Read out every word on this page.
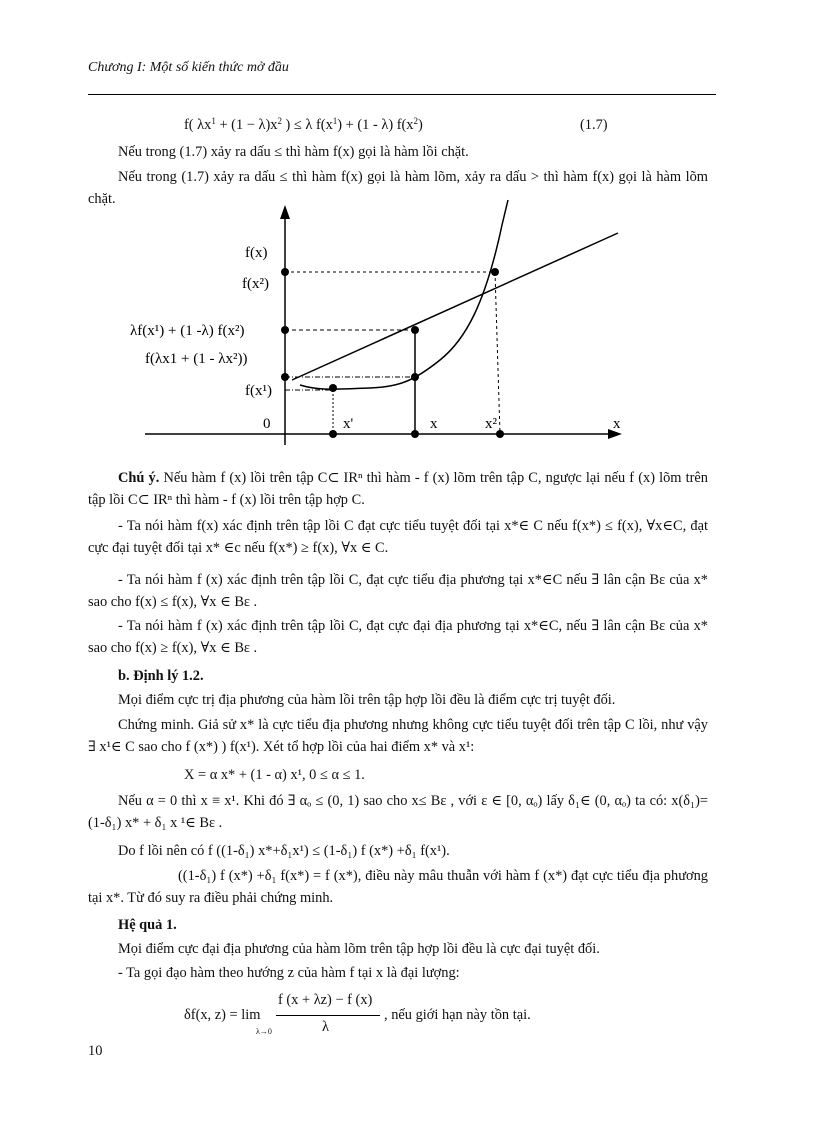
Chương I: Một số kiến thức mở đầu
f( $\lambda x^1 + (1 - \lambda)x^2$ ) ≤ λ $f(x^1) + (1 - \lambda)$ $f(x^2)$	(1.7)
Nếu trong (1.7) xảy ra dấu ≤ thì hàm f(x) gọi là hàm lồi chặt.
Nếu trong (1.7) xảy ra dấu ≤ thì hàm f(x) gọi là hàm lõm, xảy ra dấu > thì hàm f(x) gọi là hàm lõm chặt.
f(x)
f(x²)
λf(x¹) + (1 -λ) f(x²)
f(λx1 + (1 - λx²))
f(x¹)
0	x'	x	x²	x
Chú ý. Nếu hàm f (x) lồi trên tập C⊂ IRⁿ thì hàm - f (x) lõm trên tập C, ngược lại nếu f (x) lõm trên tập lồi C⊂ IRⁿ thì hàm - f (x) lồi trên tập hợp C.
- Ta nói hàm f(x) xác định trên tập lồi C đạt cực tiểu tuyệt đối tại x*∈ C nếu f(x*) ≤ f(x), ∀x∈C, đạt cực đại tuyệt đối tại x* ∈c nếu f(x*) ≥ f(x), ∀x ∈ C.
- Ta nói hàm f (x) xác định trên tập lồi C, đạt cực tiểu địa phương tại x*∈C nếu ∃ lân cận Bε của x* sao cho f(x) ≤ f(x), ∀x ∈ Bε .
- Ta nói hàm f (x) xác định trên tập lồi C, đạt cực đại địa phương tại x*∈C, nếu ∃ lân cận Bε của x* sao cho f(x) ≥ f(x), ∀x ∈ Bε .
b. Định lý 1.2.
Mọi điểm cực trị địa phương của hàm lồi trên tập hợp lồi đều là điểm cực trị tuyệt đối.
Chứng minh. Giả sử x* là cực tiểu địa phương nhưng không cực tiểu tuyệt đối trên tập C lồi, như vậy ∃ x¹∈ C sao cho f (x*) ) f(x¹). Xét tổ hợp lồi của hai điểm x* và x¹:
X = α x* + (1 - α) x¹, 0 ≤ α ≤ 1.
Nếu α = 0 thì x ≡ x¹. Khi đó ∃ αₒ ≤ (0, 1) sao cho x≤ Bε , với ε ∈ [0, αₒ) lấy δ₁∈ (0, αₒ) ta có: x(δ₁)= (1-δ₁) x* + δ₁ x ¹∈ Bε .
Do f lồi nên có f ((1-δ₁) x*+δ₁x¹) ≤ (1-δ₁) f (x*) +δ₁ f(x¹).
((1-δ₁) f (x*) +δ₁ f(x*) = f (x*), điều này mâu thuẫn với hàm f (x*) đạt cực tiểu địa phương tại x*. Từ đó suy ra điều phải chứng minh.
Hệ quả 1.
Mọi điểm cực đại địa phương của hàm lõm trên tập hợp lồi đều là cực đại tuyệt đối.
- Ta gọi đạo hàm theo hướng z của hàm f tại x là đại lượng:
δf(x, z) = lim
λ→0
f (x + λz) − f (x)
λ
, nếu giới hạn này tồn tại.
10
